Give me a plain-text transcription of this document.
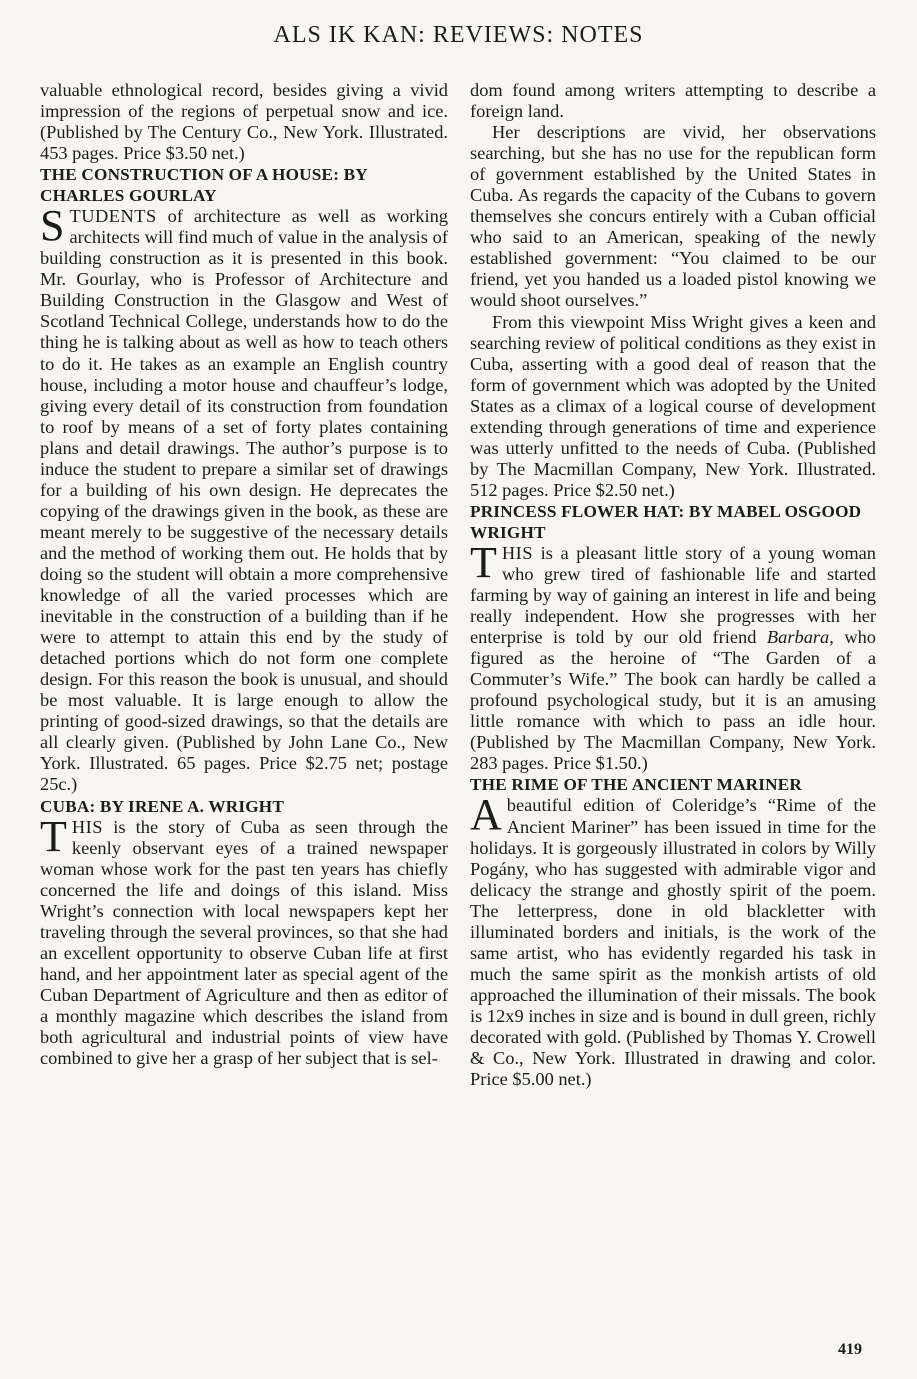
ALS IK KAN: REVIEWS: NOTES

valuable ethnological record, besides giving a vivid impression of the regions of perpetual snow and ice. (Published by The Century Co., New York. Illustrated. 453 pages. Price $3.50 net.)

THE CONSTRUCTION OF A HOUSE: BY CHARLES GOURLAY

STUDENTS of architecture as well as working architects will find much of value in the analysis of building construction as it is presented in this book. Mr. Gourlay, who is Professor of Architecture and Building Construction in the Glasgow and West of Scotland Technical College, understands how to do the thing he is talking about as well as how to teach others to do it. He takes as an example an English country house, including a motor house and chauffeur’s lodge, giving every detail of its construction from foundation to roof by means of a set of forty plates containing plans and detail drawings. The author’s purpose is to induce the student to prepare a similar set of drawings for a building of his own design. He deprecates the copying of the drawings given in the book, as these are meant merely to be suggestive of the necessary details and the method of working them out. He holds that by doing so the student will obtain a more comprehensive knowledge of all the varied processes which are inevitable in the construction of a building than if he were to attempt to attain this end by the study of detached portions which do not form one complete design. For this reason the book is unusual, and should be most valuable. It is large enough to allow the printing of good-sized drawings, so that the details are all clearly given. (Published by John Lane Co., New York. Illustrated. 65 pages. Price $2.75 net; postage 25c.)

CUBA: BY IRENE A. WRIGHT

THIS is the story of Cuba as seen through the keenly observant eyes of a trained newspaper woman whose work for the past ten years has chiefly concerned the life and doings of this island. Miss Wright’s connection with local newspapers kept her traveling through the several provinces, so that she had an excellent opportunity to observe Cuban life at first hand, and her appointment later as special agent of the Cuban Department of Agriculture and then as editor of a monthly magazine which describes the island from both agricultural and industrial points of view have combined to give her a grasp of her subject that is sel-

dom found among writers attempting to describe a foreign land.

Her descriptions are vivid, her observations searching, but she has no use for the republican form of government established by the United States in Cuba. As regards the capacity of the Cubans to govern themselves she concurs entirely with a Cuban official who said to an American, speaking of the newly established government: “You claimed to be our friend, yet you handed us a loaded pistol knowing we would shoot ourselves.”

From this viewpoint Miss Wright gives a keen and searching review of political conditions as they exist in Cuba, asserting with a good deal of reason that the form of government which was adopted by the United States as a climax of a logical course of development extending through generations of time and experience was utterly unfitted to the needs of Cuba. (Published by The Macmillan Company, New York. Illustrated. 512 pages. Price $2.50 net.)

PRINCESS FLOWER HAT: BY MABEL OSGOOD WRIGHT

THIS is a pleasant little story of a young woman who grew tired of fashionable life and started farming by way of gaining an interest in life and being really independent. How she progresses with her enterprise is told by our old friend Barbara, who figured as the heroine of “The Garden of a Commuter’s Wife.” The book can hardly be called a profound psychological study, but it is an amusing little romance with which to pass an idle hour. (Published by The Macmillan Company, New York. 283 pages. Price $1.50.)

THE RIME OF THE ANCIENT MARINER

A beautiful edition of Coleridge’s “Rime of the Ancient Mariner” has been issued in time for the holidays. It is gorgeously illustrated in colors by Willy Pogány, who has suggested with admirable vigor and delicacy the strange and ghostly spirit of the poem. The letterpress, done in old blackletter with illuminated borders and initials, is the work of the same artist, who has evidently regarded his task in much the same spirit as the monkish artists of old approached the illumination of their missals. The book is 12x9 inches in size and is bound in dull green, richly decorated with gold. (Published by Thomas Y. Crowell & Co., New York. Illustrated in drawing and color. Price $5.00 net.)

419
